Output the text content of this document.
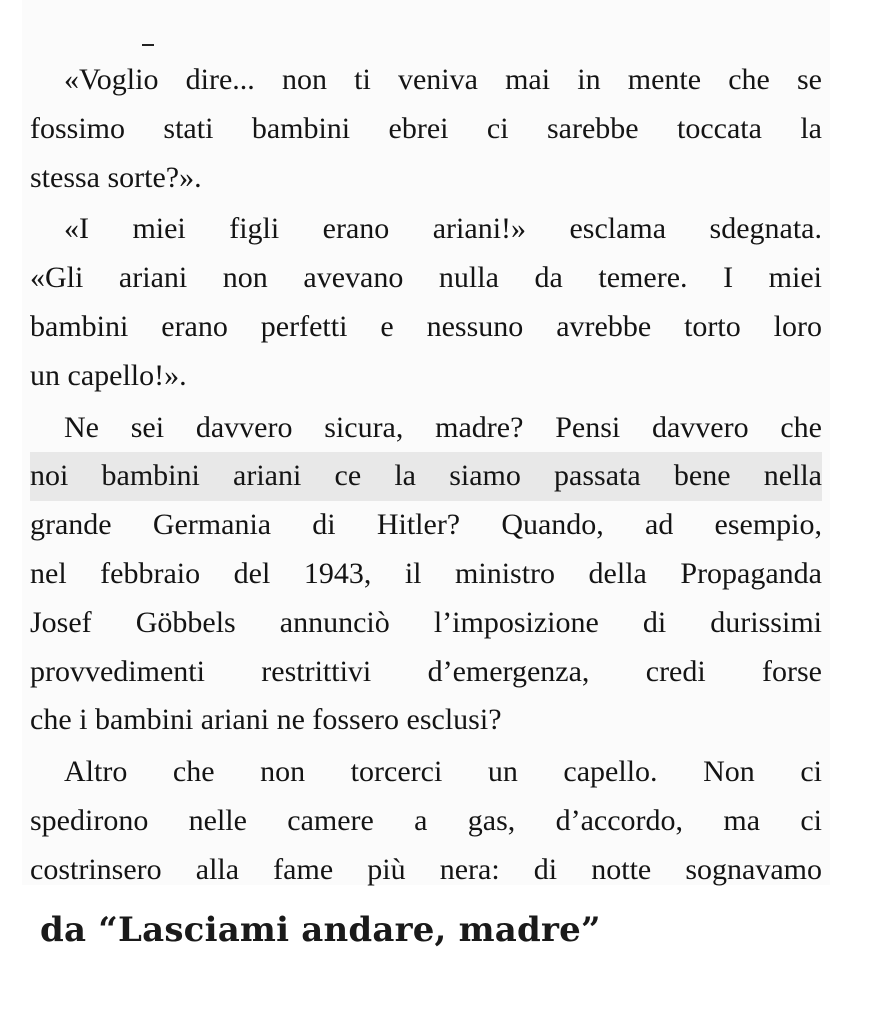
«Voglio dire... non ti veniva mai in mente che se
fossimo stati bambini ebrei ci sarebbe toccata la
stessa sorte?».
«I miei figli erano ariani!» esclama sdegnata.
«Gli ariani non avevano nulla da temere. I miei
bambini erano perfetti e nessuno avrebbe torto loro
un capello!».
Ne sei davvero sicura, madre? Pensi davvero che
noi bambini ariani ce la siamo passata bene nella
grande Germania di Hitler? Quando, ad esempio,
nel febbraio del 1943, il ministro della Propaganda
Josef Göbbels annunciò l’imposizione di durissimi
provvedimenti restrittivi d’emergenza, credi forse
che i bambini ariani ne fossero esclusi?
Altro che non torcerci un capello. Non ci
spedirono nelle camere a gas, d’accordo, ma ci
costrinsero alla fame più nera: di notte sognavamo
da “Lasciami andare, madre”
